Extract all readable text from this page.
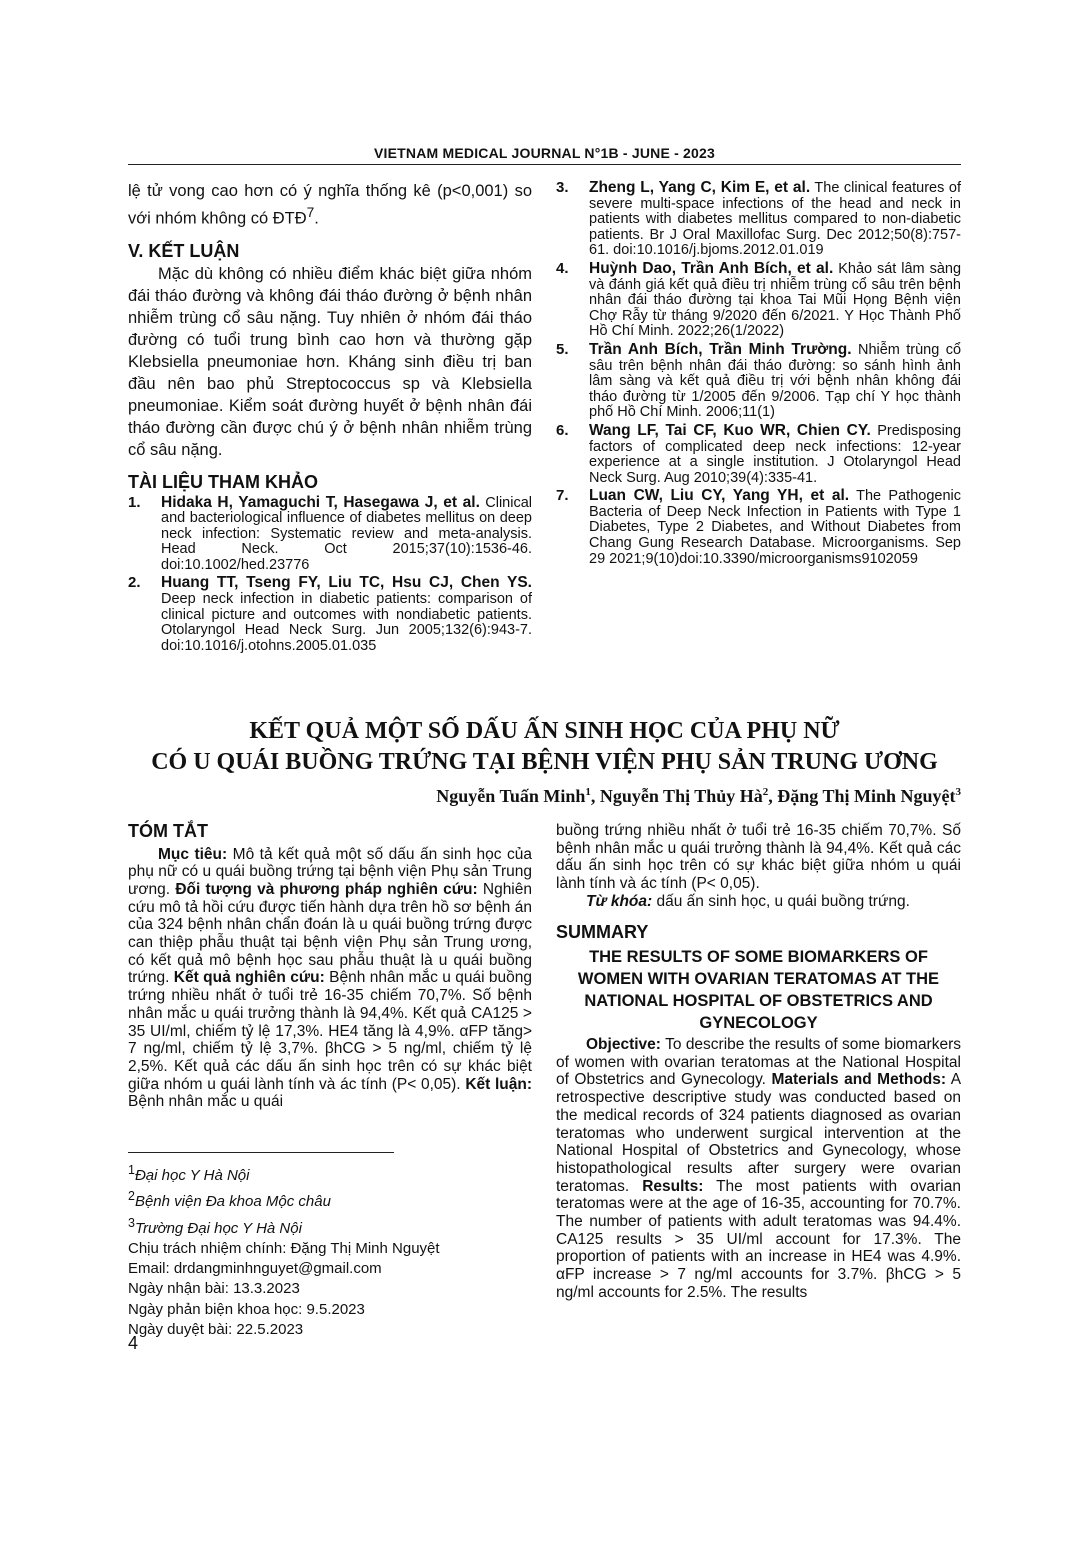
VIETNAM MEDICAL JOURNAL N°1B - JUNE - 2023

lệ tử vong cao hơn có ý nghĩa thống kê (p<0,001) so với nhóm không có ĐTĐ$^7$.

V. KẾT LUẬN

Mặc dù không có nhiều điểm khác biệt giữa nhóm đái tháo đường và không đái tháo đường ở bệnh nhân nhiễm trùng cổ sâu nặng. Tuy nhiên ở nhóm đái tháo đường có tuổi trung bình cao hơn và thường gặp Klebsiella pneumoniae hơn. Kháng sinh điều trị ban đầu nên bao phủ Streptococcus sp và Klebsiella pneumoniae. Kiểm soát đường huyết ở bệnh nhân đái tháo đường cần được chú ý ở bệnh nhân nhiễm trùng cổ sâu nặng.

TÀI LIỆU THAM KHẢO
1. Hidaka H, Yamaguchi T, Hasegawa J, et al. Clinical and bacteriological influence of diabetes mellitus on deep neck infection: Systematic review and meta-analysis. Head Neck. Oct 2015;37(10):1536-46. doi:10.1002/hed.23776
2. Huang TT, Tseng FY, Liu TC, Hsu CJ, Chen YS. Deep neck infection in diabetic patients: comparison of clinical picture and outcomes with nondiabetic patients. Otolaryngol Head Neck Surg. Jun 2005;132(6):943-7. doi:10.1016/j.otohns.2005.01.035
3. Zheng L, Yang C, Kim E, et al. The clinical features of severe multi-space infections of the head and neck in patients with diabetes mellitus compared to non-diabetic patients. Br J Oral Maxillofac Surg. Dec 2012;50(8):757-61. doi:10.1016/j.bjoms.2012.01.019
4. Huỳnh Dao, Trần Anh Bích, et al. Khảo sát lâm sàng và đánh giá kết quả điều trị nhiễm trùng cổ sâu trên bệnh nhân đái tháo đường tại khoa Tai Mũi Họng Bệnh viện Chợ Rẫy từ tháng 9/2020 đến 6/2021. Y Học Thành Phố Hồ Chí Minh. 2022;26(1/2022)
5. Trần Anh Bích, Trần Minh Trường. Nhiễm trùng cổ sâu trên bệnh nhân đái tháo đường: so sánh hình ảnh lâm sàng và kết quả điều trị với bệnh nhân không đái tháo đường từ 1/2005 đến 9/2006. Tạp chí Y học thành phố Hồ Chí Minh. 2006;11(1)
6. Wang LF, Tai CF, Kuo WR, Chien CY. Predisposing factors of complicated deep neck infections: 12-year experience at a single institution. J Otolaryngol Head Neck Surg. Aug 2010;39(4):335-41.
7. Luan CW, Liu CY, Yang YH, et al. The Pathogenic Bacteria of Deep Neck Infection in Patients with Type 1 Diabetes, Type 2 Diabetes, and Without Diabetes from Chang Gung Research Database. Microorganisms. Sep 29 2021;9(10)doi:10.3390/microorganisms9102059
KẾT QUẢ MỘT SỐ DẤU ẤN SINH HỌC CỦA PHỤ NỮ
CÓ U QUÁI BUỒNG TRỨNG TẠI BỆNH VIỆN PHỤ SẢN TRUNG ƯƠNG
Nguyễn Tuấn Minh$^1$, Nguyễn Thị Thủy $Hà^2$, Đặng Thị Minh Nguyệt$^3$
TÓM TẮT

Mục tiêu: Mô tả kết quả một số dấu ấn sinh học của phụ nữ có u quái buồng trứng tại bệnh viện Phụ sản Trung ương. Đối tượng và phương pháp nghiên cứu: Nghiên cứu mô tả hồi cứu được tiến hành dựa trên hồ sơ bệnh án của 324 bệnh nhân chẩn đoán là u quái buồng trứng được can thiệp phẫu thuật tại bệnh viện Phụ sản Trung ương, có kết quả mô bệnh học sau phẫu thuật là u quái buồng trứng. Kết quả nghiên cứu: Bệnh nhân mắc u quái buồng trứng nhiều nhất ở tuổi trẻ 16-35 chiếm 70,7%. Số bệnh nhân mắc u quái trưởng thành là 94,4%. Kết quả CA125 > 35 UI/ml, chiếm tỷ lệ 17,3%. HE4 tăng là 4,9%. αFP tăng> 7 ng/ml, chiếm tỷ lệ 3,7%. βhCG > 5 ng/ml, chiếm tỷ lệ 2,5%. Kết quả các dấu ấn sinh học trên có sự khác biệt giữa nhóm u quái lành tính và ác tính (P< 0,05). Kết luận: Bệnh nhân mắc u quái

buồng trứng nhiều nhất ở tuổi trẻ 16-35 chiếm 70,7%. Số bệnh nhân mắc u quái trưởng thành là 94,4%. Kết quả các dấu ấn sinh học trên có sự khác biệt giữa nhóm u quái lành tính và ác tính (P< 0,05).

Từ khóa: dấu ấn sinh học, u quái buồng trứng.

SUMMARY
THE RESULTS OF SOME BIOMARKERS OF WOMEN WITH OVARIAN TERATOMAS AT THE NATIONAL HOSPITAL OF OBSTETRICS AND GYNECOLOGY

Objective: To describe the results of some biomarkers of women with ovarian teratomas at the National Hospital of Obstetrics and Gynecology. Materials and Methods: A retrospective descriptive study was conducted based on the medical records of 324 patients diagnosed as ovarian teratomas who underwent surgical intervention at the National Hospital of Obstetrics and Gynecology, whose histopathological results after surgery were ovarian teratomas. Results: The most patients with ovarian teratomas were at the age of 16-35, accounting for 70.7%. The number of patients with adult teratomas was 94.4%. CA125 results > 35 UI/ml account for 17.3%. The proportion of patients with an increase in HE4 was 4.9%. αFP increase > 7 ng/ml accounts for 3.7%. βhCG > 5 ng/ml accounts for 2.5%. The results

$^1$Đại học Y Hà Nội

$^2$Bệnh viện Đa khoa Mộc châu

$^3$Trường Đại học Y Hà Nội

Chịu trách nhiệm chính: Đặng Thị Minh Nguyệt

Email: drdangminhnguyet@gmail.com

Ngày nhận bài: 13.3.2023

Ngày phản biện khoa học: 9.5.2023

Ngày duyệt bài: 22.5.2023

4
